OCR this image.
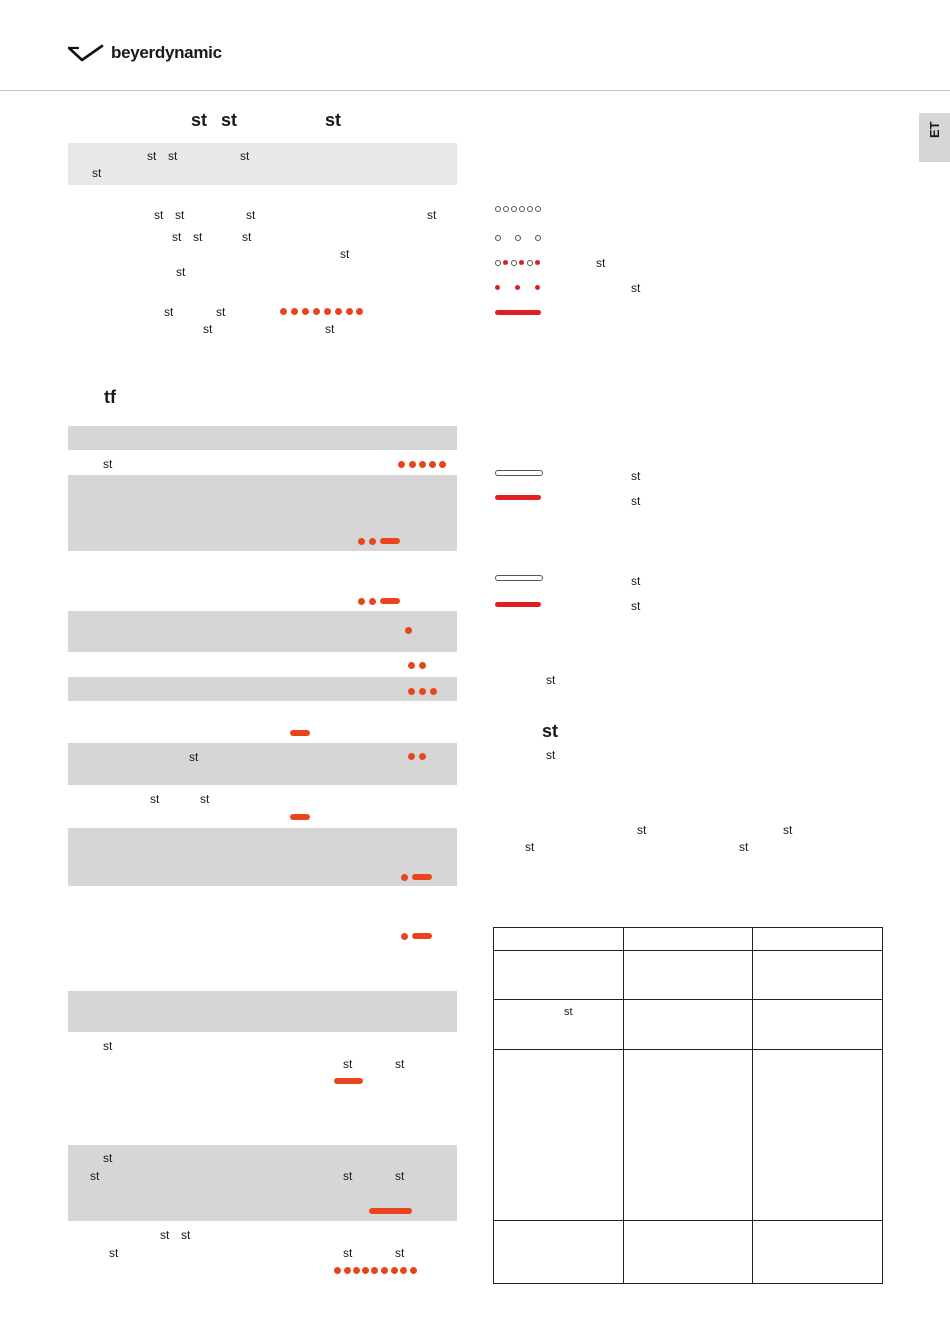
beyerdynamic
ET
st st	st
st st	st
st
st st	st	st
st st	st
st
st
st	st
st	st
tf
st
st
st	st
st
st	st
st
st	st	st
st st
st	st	st
st
st
st
st
st
st
st
st
st
st	st
st	st

st		
